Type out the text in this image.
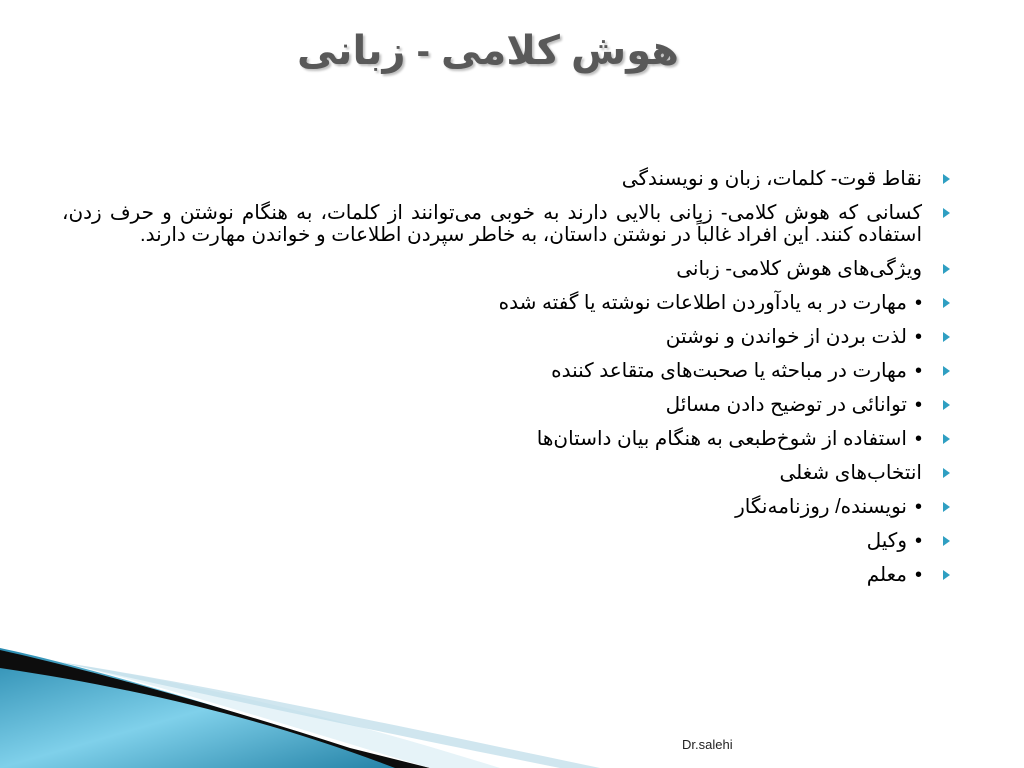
هوش کلامی - زبانی
نقاط قوت- کلمات، زبان و نویسندگی
کسانی که هوش کلامی- زبانی بالایی دارند به خوبی می‌توانند از کلمات، به هنگام نوشتن و حرف زدن، استفاده کنند. این افراد غالباً در نوشتن داستان، به خاطر سپردن اطلاعات و خواندن مهارت دارند.
ویژگی‌های هوش کلامی- زبانی
•مهارت در به یادآوردن اطلاعات نوشته یا گفته شده
•لذت بردن از خواندن و نوشتن
•مهارت در مباحثه یا صحبت‌های متقاعد کننده
•توانائی در توضیح دادن مسائل
•استفاده از شوخ‌طبعی به هنگام بیان داستان‌ها
انتخاب‌های شغلی
•نویسنده/ روزنامه‌نگار
•وکیل
•معلم
Dr.salehi
